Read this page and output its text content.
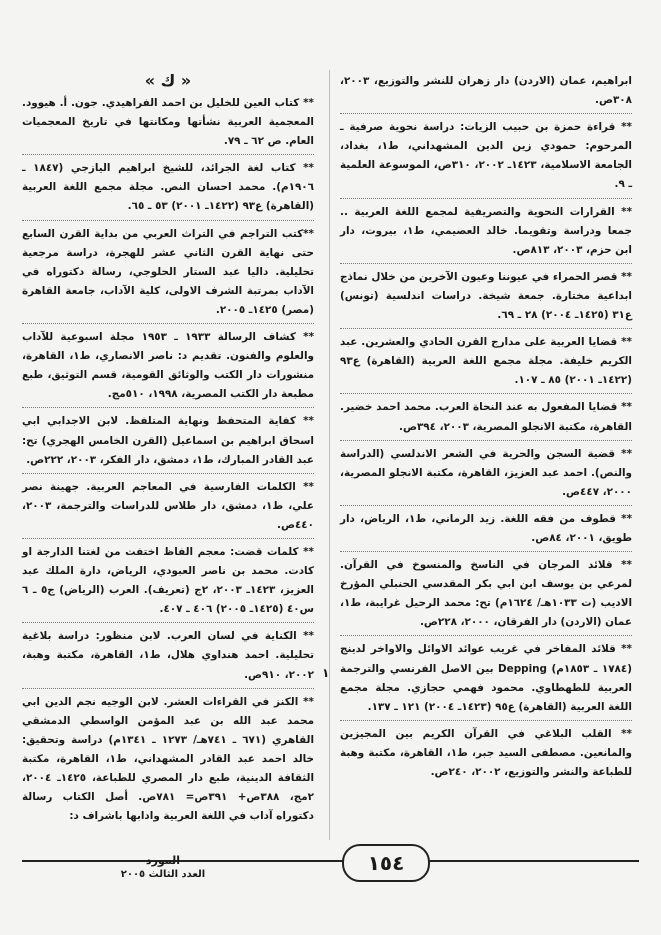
ابراهيم، عمان (الاردن) دار زهران للنشر والتوزيع، ٢٠٠٣، ٣٠٨ص.
** قراءة حمزة بن حبيب الزيات: دراسة نحوية صرفية ـ المرحوم: حمودي زين الدين المشهداني، ط١، بغداد، الجامعة الاسلامية، ١٤٢٣ـ ٢٠٠٢، ٣١٠ص، الموسوعة العلمية ـ ٩.
** القرارات النحوية والتصريفية لمجمع اللغة العربية .. جمعا ودراسة وتقويما. خالد العصيمي، ط١، بيروت، دار ابن حزم، ٢٠٠٣، ٨١٣ص.
** قصر الحمراء في عيوننا وعيون الآخرين من خلال نماذج ابداعية مختارة. جمعة شيخة. دراسات اندلسية (تونس) ع٣١ (١٤٢٥ـ ٢٠٠٤) ٢٨ ـ ٦٩.
** قضايا العربية على مدارج القرن الحادي والعشرين. عبد الكريم خليفة. مجلة مجمع اللغة العربية (القاهرة) ع٩٣ (١٤٢٢ـ ٢٠٠١) ٨٥ ـ ١٠٧.
** قضايا المفعول به عند النحاة العرب. محمد احمد خضير. القاهرة، مكتبة الانجلو المصرية، ٢٠٠٣، ٣٩٤ص.
** قضية السجن والحرية في الشعر الاندلسي (الدراسة والنص). احمد عبد العزيز، القاهرة، مكتبة الانجلو المصرية، ٢٠٠٠، ٤٤٧ص.
** قطوف من فقه اللغة. زيد الرماني، ط١، الرياض، دار طويق، ٢٠٠١، ٨٤ص.
** قلائد المرجان في الناسخ والمنسوخ في القرآن. لمرعي بن يوسف ابن ابي بكر المقدسي الحنبلي المؤرخ الاديب (ت ١٠٣٣هـ/ ١٦٢٤م) تح: محمد الرحيل غرايبة، ط١، عمان (الاردن) دار الفرقان، ٢٠٠٠، ٢٢٨ص.
** قلائد المفاخر في غريب عوائد الاوائل والاواخر لدينج (١٧٨٤ ـ ١٨٥٣م) Depping بين الاصل الفرنسي والترجمة العربية للطهطاوي. محمود فهمي حجازي. مجلة مجمع اللغة العربية (القاهرة) ع٩٥ (١٤٢٣ـ ٢٠٠٤) ١٢١ ـ ١٣٧.
** القلب البلاغي في القرآن الكريم بين المجيزين والمانعين. مصطفى السيد جبر، ط١، القاهرة، مكتبة وهبة للطباعة والنشر والتوزيع، ٢٠٠٢، ٢٤٠ص.
« ك »
** كتاب العين للخليل بن احمد الفراهيدي. جون. أ. هيوود. المعجمية العربية نشأتها ومكانتها في تاريخ المعجميات العام. ص ٦٢ ـ ٧٩.
** كتاب لغة الجرائد، للشيخ ابراهيم اليازجي (١٨٤٧ ـ ١٩٠٦م). محمد احسان النص. مجلة مجمع اللغة العربية (القاهرة) ع٩٣ (١٤٢٢ـ ٢٠٠١) ٥٣ ـ ٦٥.
**كتب التراجم في التراث العربي من بداية القرن السابع حتى نهاية القرن الثاني عشر للهجرة، دراسة مرجعية تحليلية. داليا عبد الستار الحلوجي، رسالة دكتوراه في الآداب بمرتبة الشرف الاولى، كلية الآداب، جامعة القاهرة (مصر) ١٤٢٥ـ ٢٠٠٥.
** كشاف الرسالة ١٩٣٣ ـ ١٩٥٣ مجلة اسبوعية للآداب والعلوم والفنون. تقديم د: ناصر الانصاري، ط١، القاهرة، منشورات دار الكتب والوثائق القومية، قسم التوثيق، طبع مطبعة دار الكتب المصرية، ١٩٩٨، ٥١٠مج.
** كفاية المتحفظ ونهاية المتلفظ. لابن الاجدابي ابي اسحاق ابراهيم بن اسماعيل (القرن الخامس الهجري) تح: عبد القادر المبارك، ط١، دمشق، دار الفكر، ٢٠٠٣، ٢٢٢ص.
** الكلمات الفارسية في المعاجم العربية. جهينة نصر علي، ط١، دمشق، دار طلاس للدراسات والترجمة، ٢٠٠٣، ٤٤٠ص.
** كلمات قضت: معجم الفاظ اختفت من لغتنا الدارجة او كادت. محمد بن ناصر العبودي، الرياض، دارة الملك عبد العزيز، ١٤٢٣ـ ٢٠٠٣، ٢ج (تعريف). العرب (الرياض) ج٥ ـ ٦ س٤٠ (١٤٢٥ـ ٢٠٠٥) ٤٠٦ ـ ٤٠٧.
** الكناية في لسان العرب. لابن منظور: دراسة بلاغية تحليلية. احمد هنداوي هلال، ط١، القاهرة، مكتبة وهبة، ٢٠٠٢، ٩١٠ص.
** الكنز في القراءات العشر. لابن الوجيه نجم الدين ابي محمد عبد الله بن عبد المؤمن الواسطي الدمشقي القاهري (٦٧١ ـ ٧٤١هـ/ ١٢٧٣ ـ ١٣٤١م) دراسة وتحقيق: خالد احمد عبد القادر المشهداني، ط١، القاهرة، مكتبة الثقافة الدينية، طبع دار المصري للطباعة، ١٤٢٥ـ ٢٠٠٤، ٢مج، ٣٨٨ص+ ٣٩١ص= ٧٨١ص. أصل الكتاب رسالة دكتوراه آداب في اللغة العربية وادابها باشراف د:
١
١٥٤
المورد
العدد الثالث ٢٠٠٥
